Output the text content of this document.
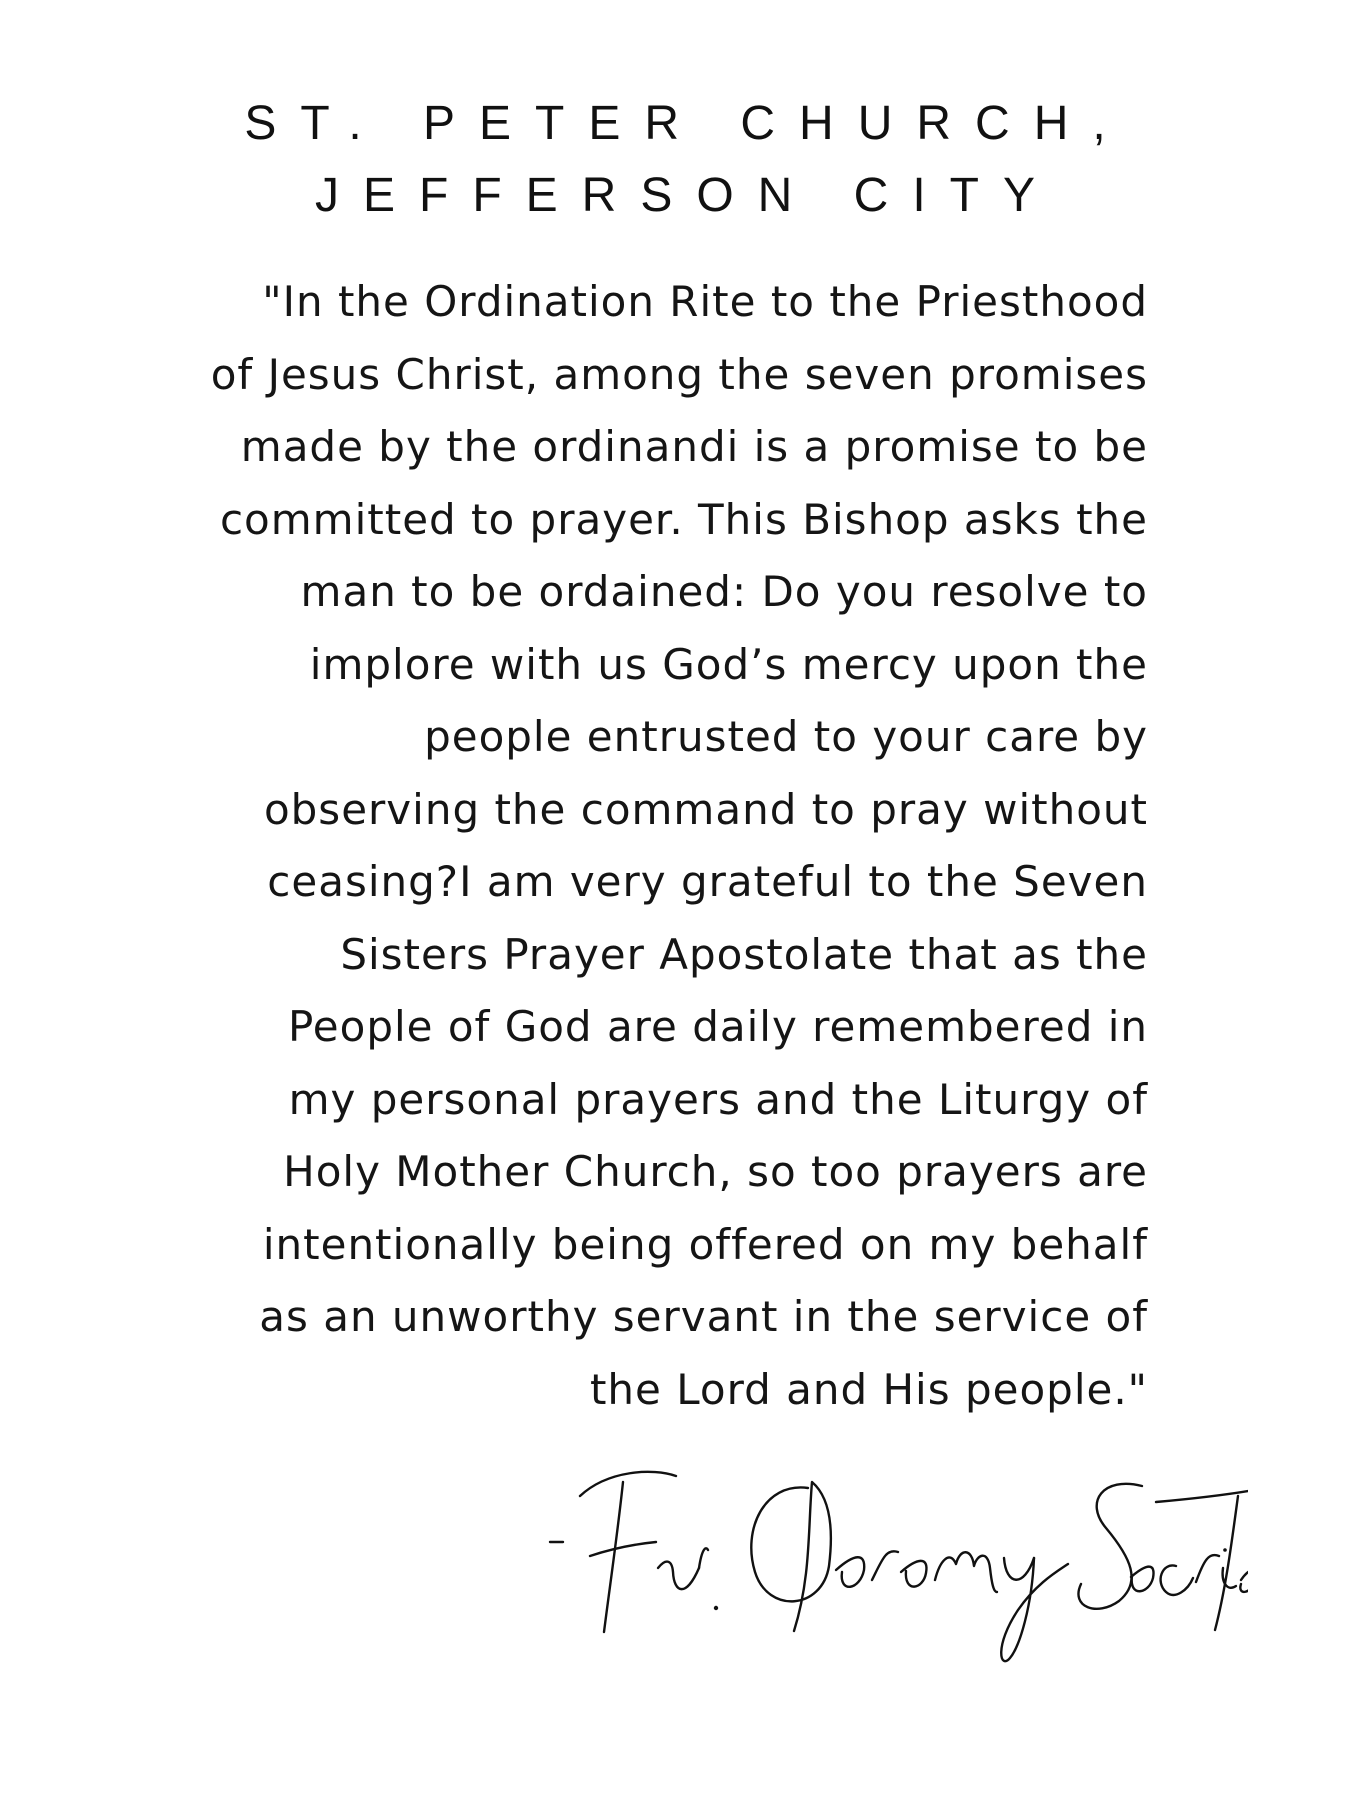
ST. PETER CHURCH,
JEFFERSON CITY

"In the Ordination Rite to the Priesthood
of Jesus Christ, among the seven promises
made by the ordinandi is a promise to be
committed to prayer. This Bishop asks the
man to be ordained: Do you resolve to
implore with us God’s mercy upon the
people entrusted to your care by
observing the command to pray without
ceasing?I am very grateful to the Seven
Sisters Prayer Apostolate that as the
People of God are daily remembered in
my personal prayers and the Liturgy of
Holy Mother Church, so too prayers are
intentionally being offered on my behalf
as an unworthy servant in the service of
the Lord and His people."
